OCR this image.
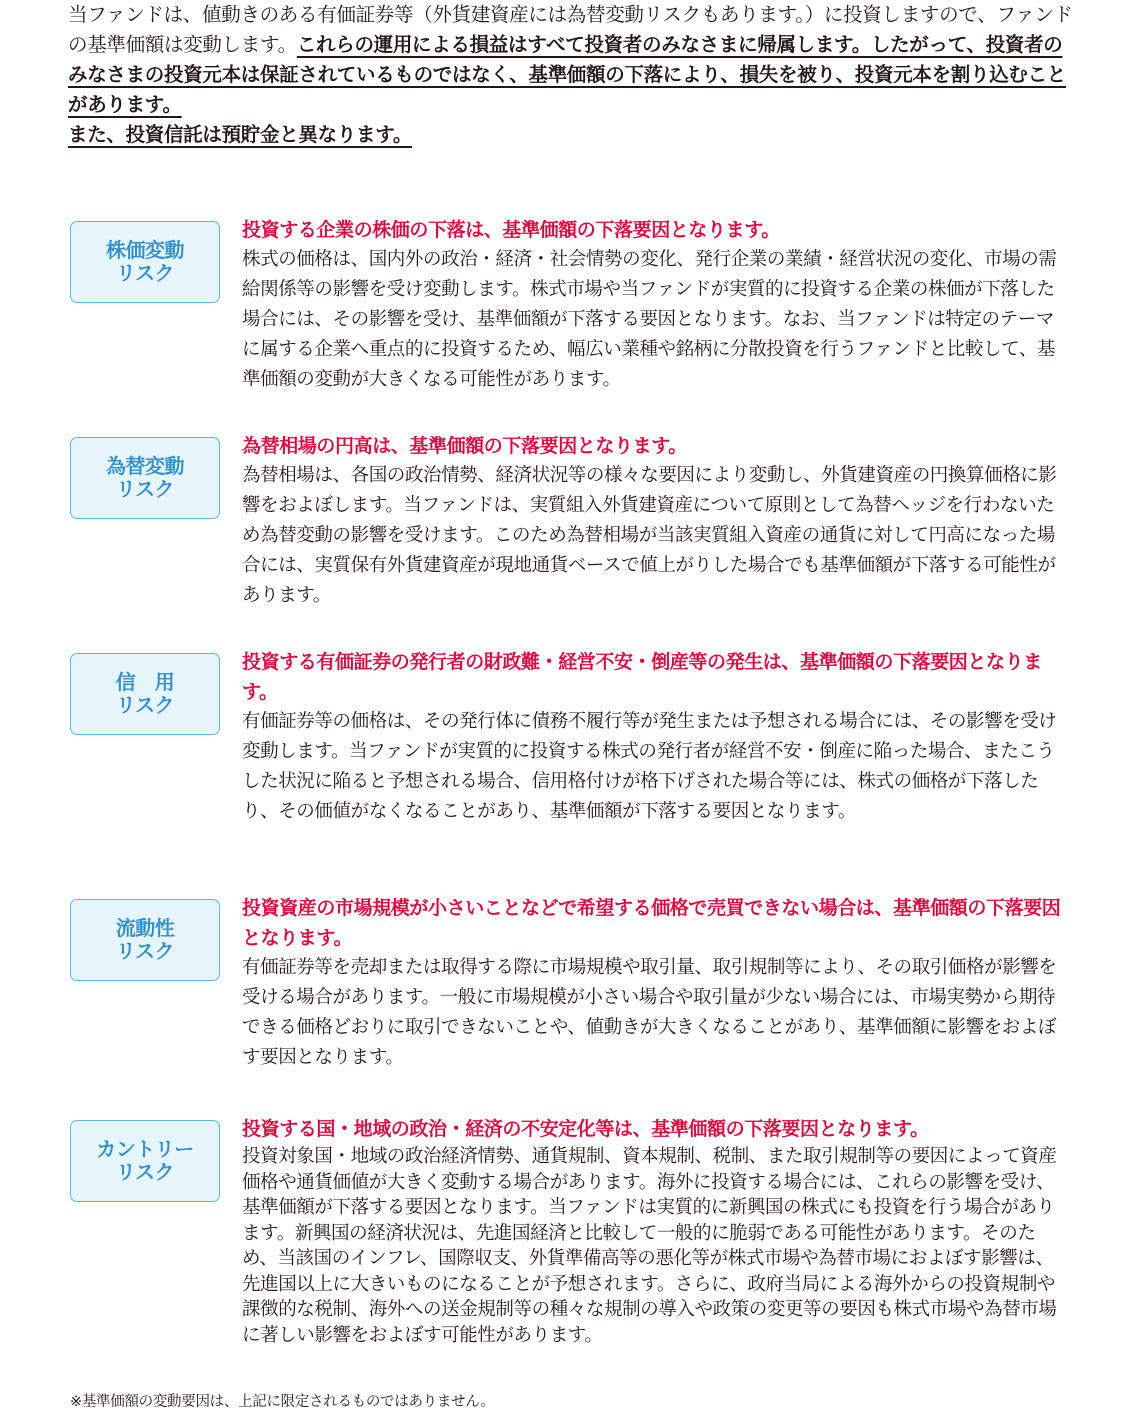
当ファンドは、値動きのある有価証券等（外貨建資産には為替変動リスクもあります。）に投資しますので、ファンドの基準価額は変動します。これらの運用による損益はすべて投資者のみなさまに帰属します。したがって、投資者のみなさまの投資元本は保証されているものではなく、基準価額の下落により、損失を被り、投資元本を割り込むことがあります。
また、投資信託は預貯金と異なります。
株価変動
リスク
投資する企業の株価の下落は、基準価額の下落要因となります。
株式の価格は、国内外の政治・経済・社会情勢の変化、発行企業の業績・経営状況の変化、市場の需給関係等の影響を受け変動します。株式市場や当ファンドが実質的に投資する企業の株価が下落した場合には、その影響を受け、基準価額が下落する要因となります。なお、当ファンドは特定のテーマに属する企業へ重点的に投資するため、幅広い業種や銘柄に分散投資を行うファンドと比較して、基準価額の変動が大きくなる可能性があります。
為替変動
リスク
為替相場の円高は、基準価額の下落要因となります。
為替相場は、各国の政治情勢、経済状況等の様々な要因により変動し、外貨建資産の円換算価格に影響をおよぼします。当ファンドは、実質組入外貨建資産について原則として為替ヘッジを行わないため為替変動の影響を受けます。このため為替相場が当該実質組入資産の通貨に対して円高になった場合には、実質保有外貨建資産が現地通貨ベースで値上がりした場合でも基準価額が下落する可能性があります。
信　用
リスク
投資する有価証券の発行者の財政難・経営不安・倒産等の発生は、基準価額の下落要因となります。
有価証券等の価格は、その発行体に債務不履行等が発生または予想される場合には、その影響を受け変動します。当ファンドが実質的に投資する株式の発行者が経営不安・倒産に陥った場合、またこうした状況に陥ると予想される場合、信用格付けが格下げされた場合等には、株式の価格が下落したり、その価値がなくなることがあり、基準価額が下落する要因となります。
流動性
リスク
投資資産の市場規模が小さいことなどで希望する価格で売買できない場合は、基準価額の下落要因となります。
有価証券等を売却または取得する際に市場規模や取引量、取引規制等により、その取引価格が影響を受ける場合があります。一般に市場規模が小さい場合や取引量が少ない場合には、市場実勢から期待できる価格どおりに取引できないことや、値動きが大きくなることがあり、基準価額に影響をおよぼす要因となります。
カントリー
リスク
投資する国・地域の政治・経済の不安定化等は、基準価額の下落要因となります。
投資対象国・地域の政治経済情勢、通貨規制、資本規制、税制、また取引規制等の要因によって資産価格や通貨価値が大きく変動する場合があります。海外に投資する場合には、これらの影響を受け、基準価額が下落する要因となります。当ファンドは実質的に新興国の株式にも投資を行う場合があります。新興国の経済状況は、先進国経済と比較して一般的に脆弱である可能性があります。そのため、当該国のインフレ、国際収支、外貨準備高等の悪化等が株式市場や為替市場におよぼす影響は、先進国以上に大きいものになることが予想されます。さらに、政府当局による海外からの投資規制や課徴的な税制、海外への送金規制等の種々な規制の導入や政策の変更等の要因も株式市場や為替市場に著しい影響をおよぼす可能性があります。
※基準価額の変動要因は、上記に限定されるものではありません。
